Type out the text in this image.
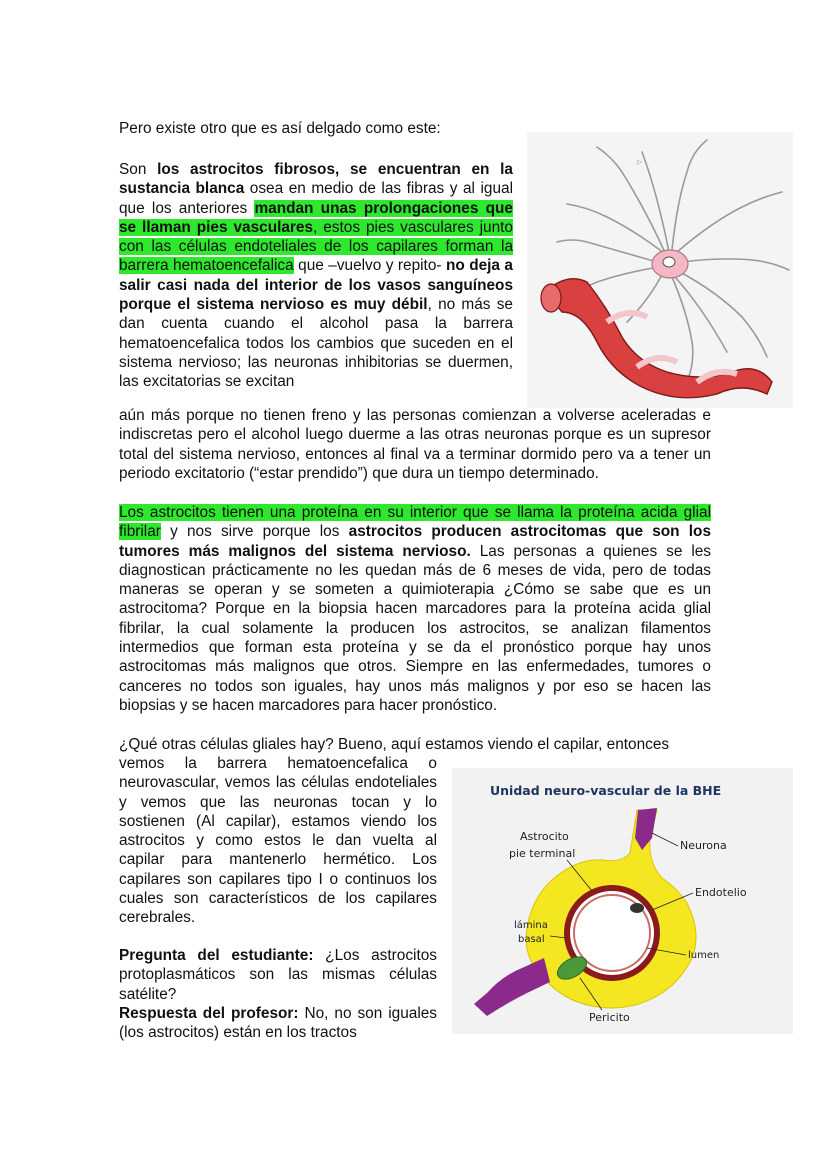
Pero existe otro que es así delgado como este:
Son los astrocitos fibrosos, se encuentran en la sustancia blanca osea en medio de las fibras y al igual que los anteriores mandan unas prolongaciones que se llaman pies vasculares, estos pies vasculares junto con las células endoteliales de los capilares forman la barrera hematoencefalica que –vuelvo y repito- no deja a salir casi nada del interior de los vasos sanguíneos porque el sistema nervioso es muy débil, no más se dan cuenta cuando el alcohol pasa la barrera hematoencefalica todos los cambios que suceden en el sistema nervioso; las neuronas inhibitorias se duermen, las excitatorias se excitan
▷
aún más porque no tienen freno y las personas comienzan a volverse aceleradas e indiscretas pero el alcohol luego duerme a las otras neuronas porque es un supresor total del sistema nervioso, entonces al final va a terminar dormido pero va a tener un periodo excitatorio (“estar prendido”) que dura un tiempo determinado.
Los astrocitos tienen una proteína en su interior que se llama la proteína acida glial fibrilar y nos sirve porque los astrocitos producen astrocitomas que son los tumores más malignos del sistema nervioso. Las personas a quienes se les diagnostican prácticamente no les quedan más de 6 meses de vida, pero de todas maneras se operan y se someten a quimioterapia ¿Cómo se sabe que es un astrocitoma? Porque en la biopsia hacen marcadores para la proteína acida glial fibrilar, la cual solamente la producen los astrocitos, se analizan filamentos intermedios que forman esta proteína y se da el pronóstico porque hay unos astrocitomas más malignos que otros. Siempre en las enfermedades, tumores o canceres no todos son iguales, hay unos más malignos y por eso se hacen las biopsias y se hacen marcadores para hacer pronóstico.
¿Qué otras células gliales hay? Bueno, aquí estamos viendo el capilar, entonces
vemos la barrera hematoencefalica o neurovascular, vemos las células endoteliales y vemos que las neuronas tocan y lo sostienen (Al capilar), estamos viendo los astrocitos y como estos le dan vuelta al capilar para mantenerlo hermético. Los capilares son capilares tipo I o continuos los cuales son característicos de los capilares cerebrales.
Pregunta del estudiante: ¿Los astrocitos protoplasmáticos son las mismas células satélite?
Respuesta del profesor: No, no son iguales (los astrocitos) están en los tractos
Unidad neuro-vascular de la BHE
Astrocito
pie terminal
Neurona
Endotelio
lámina
basal
lumen
Pericito
